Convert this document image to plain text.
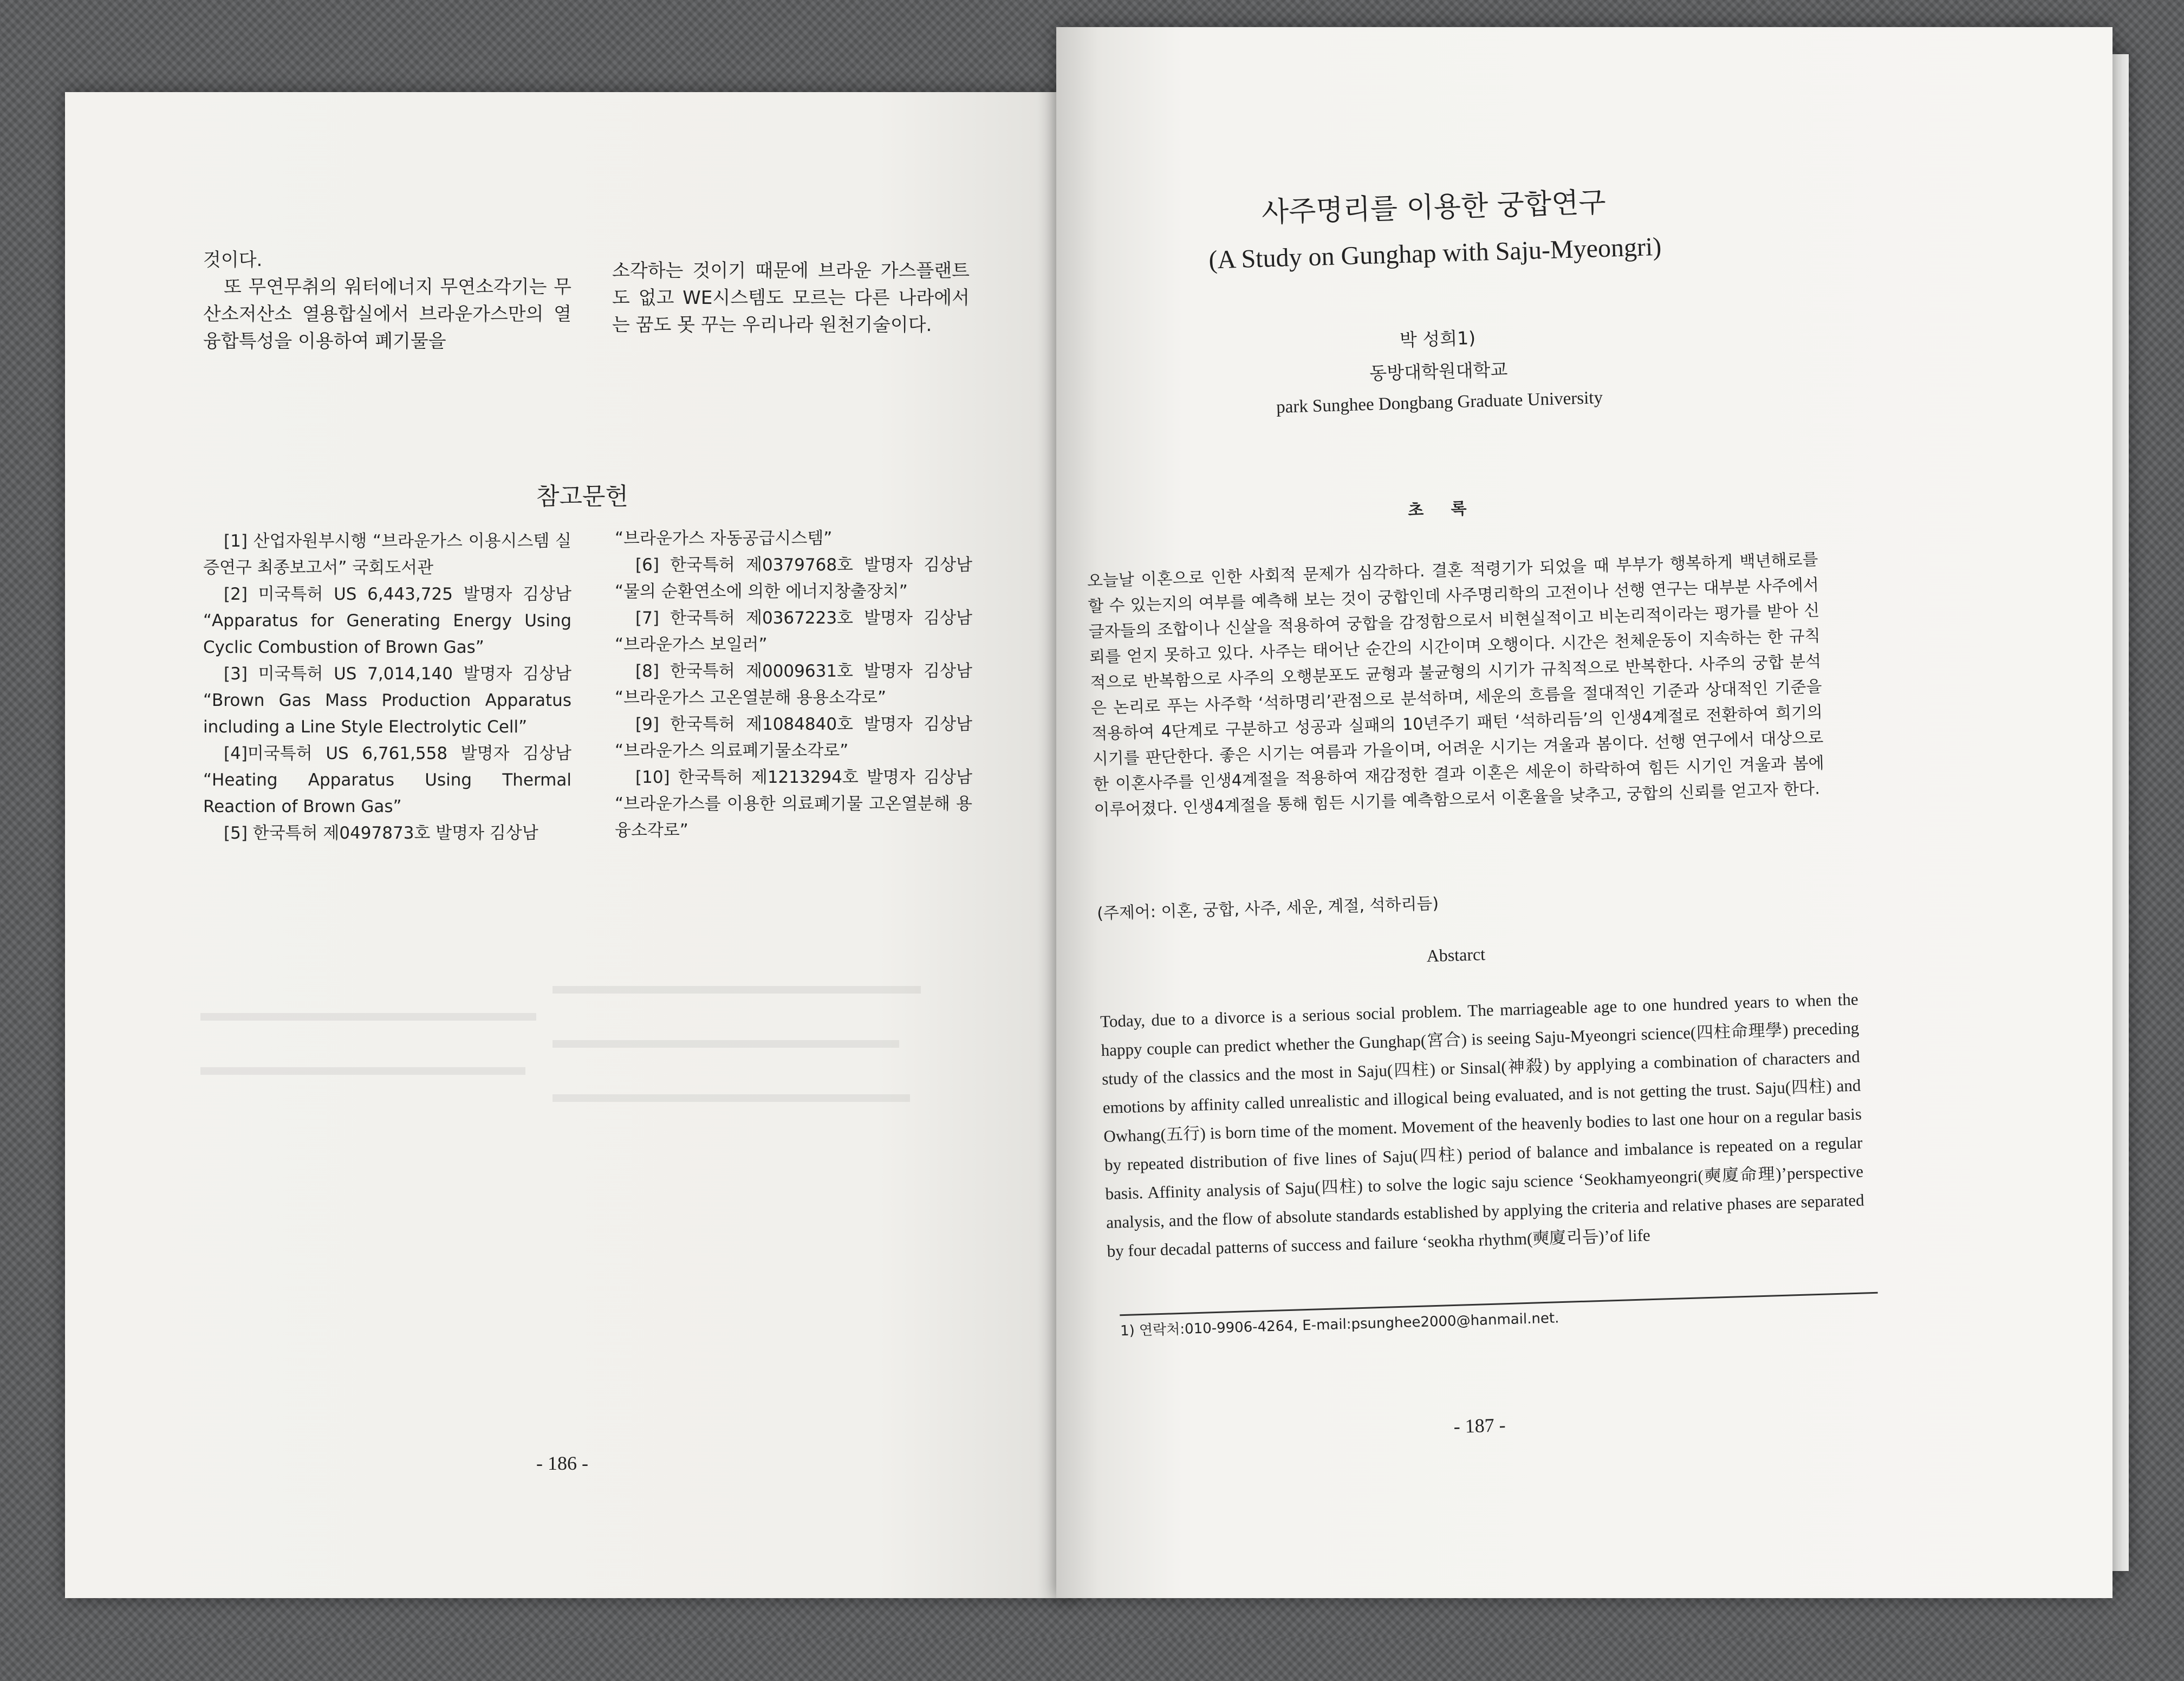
것이다.

또 무연무취의 워터에너지 무연소각기는 무산소저산소 열용합실에서 브라운가스만의 열융합특성을 이용하여 폐기물을

소각하는 것이기 때문에 브라운 가스플랜트도 없고 WE시스템도 모르는 다른 나라에서는 꿈도 못 꾸는 우리나라 원천기술이다.
참고문헌

[1] 산업자원부시행 “브라운가스 이용시스템 실증연구 최종보고서” 국회도서관

[2] 미국특허 US 6,443,725 발명자 김상남 “Apparatus for Generating Energy Using Cyclic Combustion of Brown Gas”

[3] 미국특허 US 7,014,140 발명자 김상남 “Brown Gas Mass Production Apparatus including a Line Style Electrolytic Cell”

[4]미국특허 US 6,761,558 발명자 김상남 “Heating Apparatus Using Thermal Reaction of Brown Gas”

[5] 한국특허 제0497873호 발명자 김상남

“브라운가스 자동공급시스템”

[6] 한국특허 제0379768호 발명자 김상남 “물의 순환연소에 의한 에너지창출장치”

[7] 한국특허 제0367223호 발명자 김상남 “브라운가스 보일러”

[8] 한국특허 제0009631호 발명자 김상남 “브라운가스 고온열분해 용용소각로”

[9] 한국특허 제1084840호 발명자 김상남 “브라운가스 의료폐기물소각로”

[10] 한국특허 제1213294호 발명자 김상남 “브라운가스를 이용한 의료폐기물 고온열분해 용융소각로”

- 186 -
사주명리를 이용한 궁합연구
(A Study on Gunghap with Saju-Myeongri)
박 성희1)
동방대학원대학교
park Sunghee Dongbang Graduate University
초 록
오늘날 이혼으로 인한 사회적 문제가 심각하다. 결혼 적령기가 되었을 때 부부가 행복하게 백년해로를 할 수 있는지의 여부를 예측해 보는 것이 궁합인데 사주명리학의 고전이나 선행 연구는 대부분 사주에서 글자들의 조합이나 신살을 적용하여 궁합을 감정함으로서 비현실적이고 비논리적이라는 평가를 받아 신뢰를 얻지 못하고 있다. 사주는 태어난 순간의 시간이며 오행이다. 시간은 천체운동이 지속하는 한 규칙적으로 반복함으로 사주의 오행분포도 균형과 불균형의 시기가 규칙적으로 반복한다. 사주의 궁합 분석은 논리로 푸는 사주학 ‘석하명리’관점으로 분석하며, 세운의 흐름을 절대적인 기준과 상대적인 기준을 적용하여 4단계로 구분하고 성공과 실패의 10년주기 패턴 ‘석하리듬’의 인생4계절로 전환하여 희기의 시기를 판단한다. 좋은 시기는 여름과 가을이며, 어려운 시기는 겨울과 봄이다. 선행 연구에서 대상으로 한 이혼사주를 인생4계절을 적용하여 재감정한 결과 이혼은 세운이 하락하여 힘든 시기인 겨울과 봄에 이루어졌다. 인생4계절을 통해 힘든 시기를 예측함으로서 이혼율을 낮추고, 궁합의 신뢰를 얻고자 한다.
(주제어: 이혼, 궁합, 사주, 세운, 계절, 석하리듬)
Abstarct
Today, due to a divorce is a serious social problem. The marriageable age to one hundred years to when the happy couple can predict whether the Gunghap(宮合) is seeing Saju-Myeongri science(四柱命理學) preceding study of the classics and the most in Saju(四柱) or Sinsal(神殺) by applying a combination of characters and emotions by affinity called unrealistic and illogical being evaluated, and is not getting the trust. Saju(四柱) and Owhang(五行) is born time of the moment. Movement of the heavenly bodies to last one hour on a regular basis by repeated distribution of five lines of Saju(四柱) period of balance and imbalance is repeated on a regular basis. Affinity analysis of Saju(四柱) to solve the logic saju science ‘Seokhamyeongri(奭廈命理)’perspective analysis, and the flow of absolute standards established by applying the criteria and relative phases are separated by four decadal patterns of success and failure ‘seokha rhythm(奭廈리듬)’of life
1) 연락처:010-9906-4264, E-mail:psunghee2000@hanmail.net.
- 187 -
